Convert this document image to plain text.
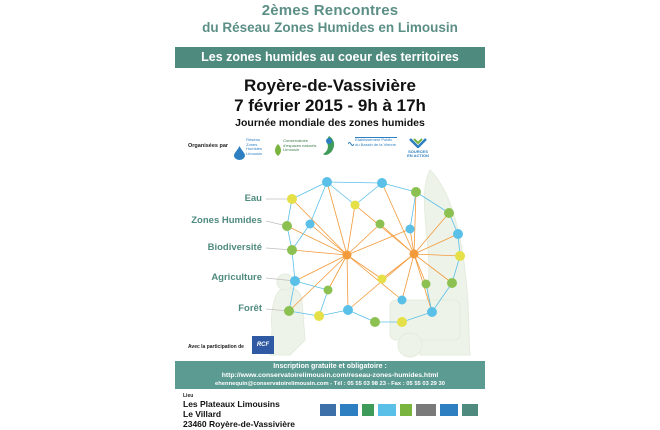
2èmes Rencontres
du Réseau Zones Humides en Limousin
Les zones humides au coeur des territoires
Royère-de-Vassivière
7 février 2015 - 9h à 17h
Journée mondiale des zones humides
Organisées par
Réseau Zones Humides Limousin
Conservatoire d'espaces naturels Limousin
Etablissement Public du Bassin de la Vienne
SOURCES EN ACTION
Eau
Zones Humides
Biodiversité
Agriculture
Forêt
Avec la participation de	RCF
Inscription gratuite et obligatoire :
http://www.conservatoirelimousin.com/reseau-zones-humides.html
ehennequin@conservatoirelimousin.com - Tél : 05 55 03 98 23 - Fax : 05 55 03 29 30
Lieu
Les Plateaux Limousins
Le Villard
23460 Royère-de-Vassivière
